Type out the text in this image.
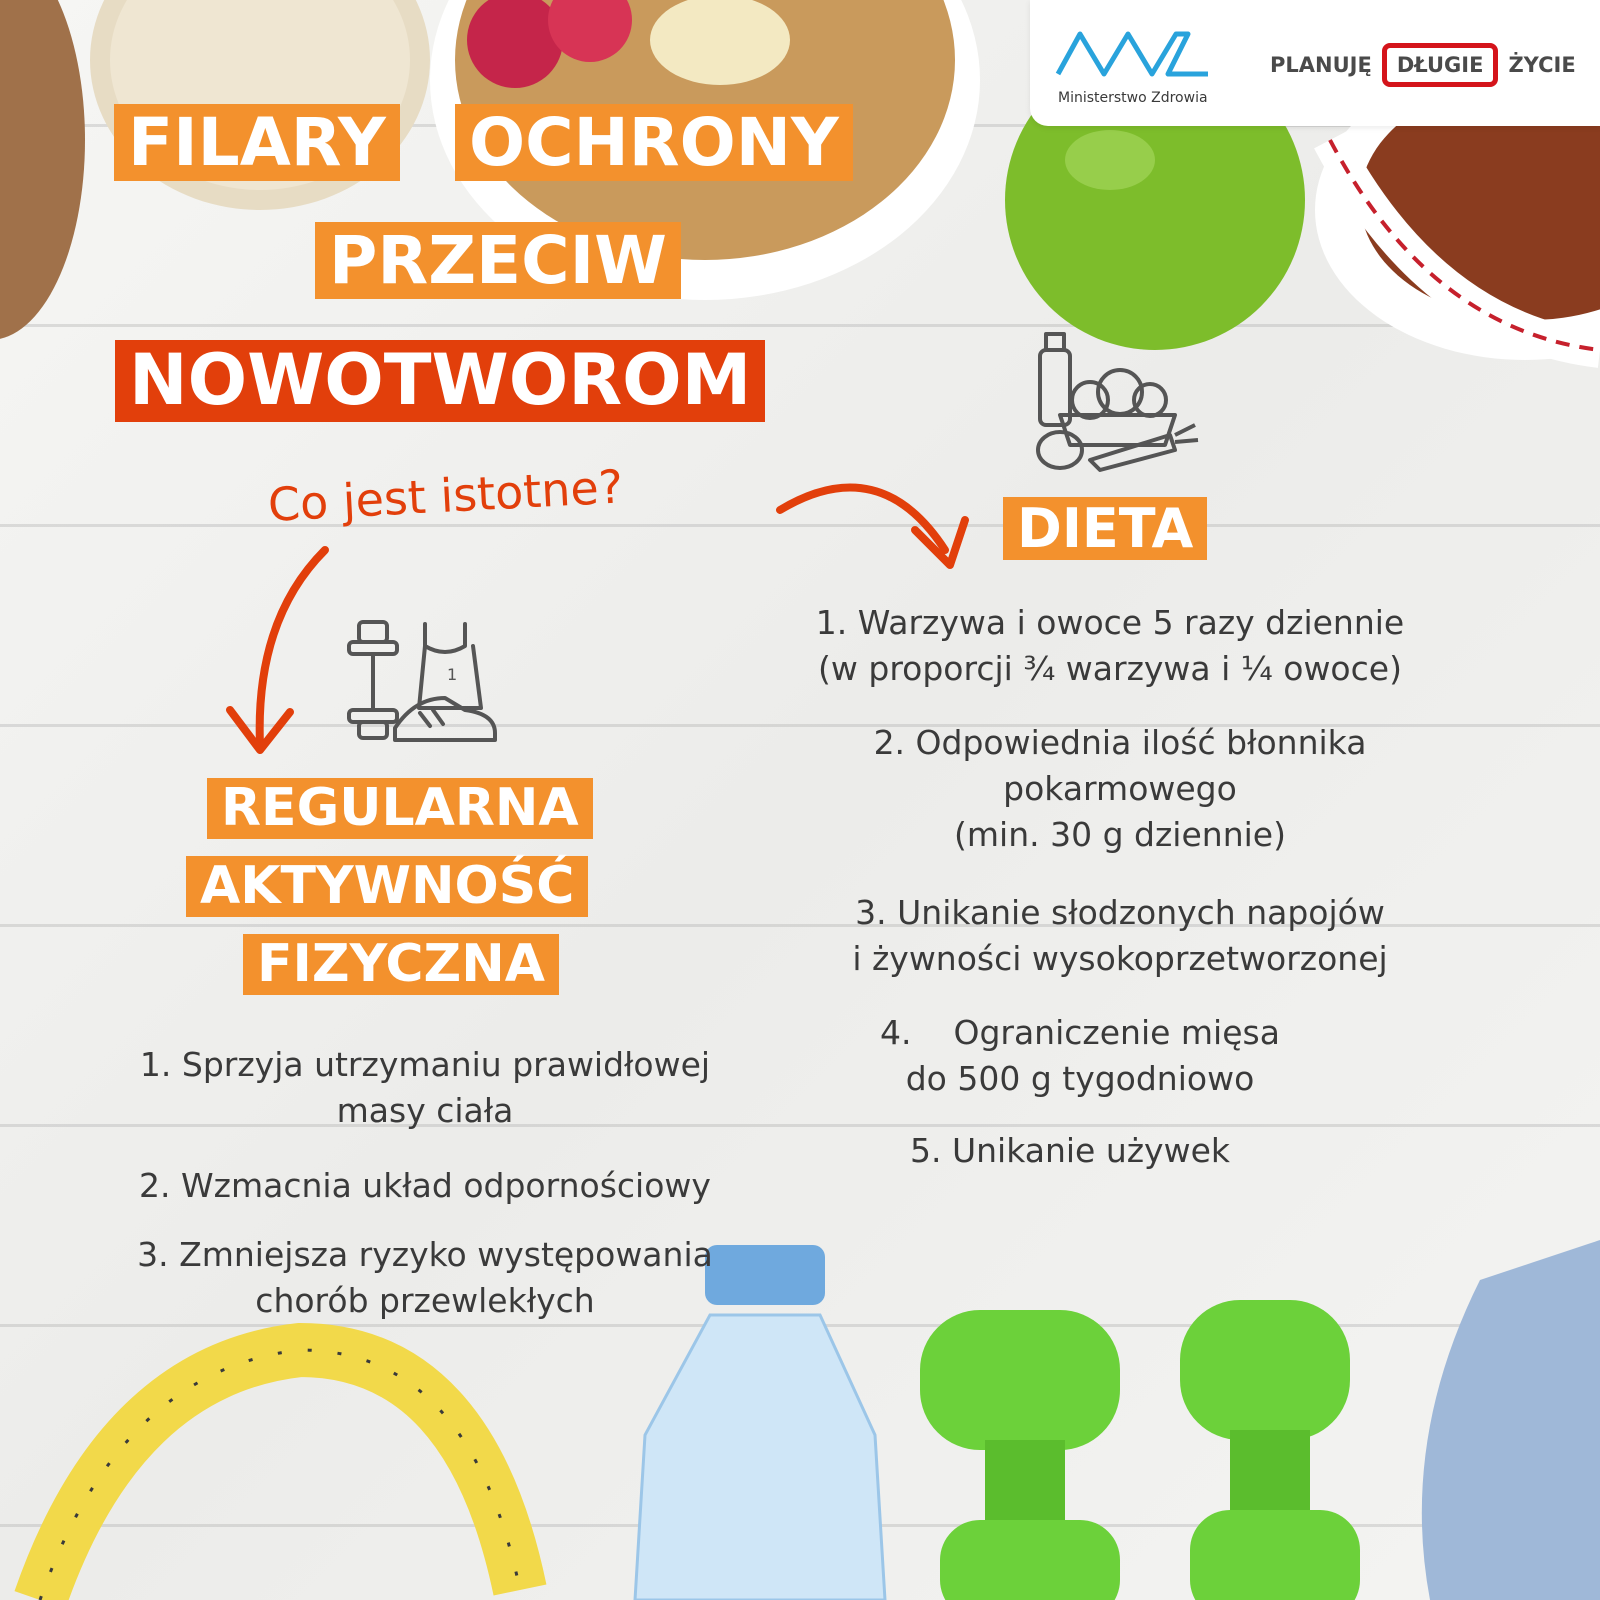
Ministerstwo Zdrowia
PLANUJĘ	DŁUGIE	ŻYCIE
FILARY OCHRONY
PRZECIW
NOWOTWOROM
Co jest istotne?	DIETA
1. Warzywa i owoce 5 razy dziennie
(w proporcji ¾ warzywa i ¼ owoce)
2. Odpowiednia ilość błonnika
pokarmowego
(min. 30 g dziennie)
3. Unikanie słodzonych napojów
i żywności wysokoprzetworzonej
4.    Ograniczenie mięsa
do 500 g tygodniowo
5. Unikanie używek
1
REGULARNA
AKTYWNOŚĆ
FIZYCZNA
1. Sprzyja utrzymaniu prawidłowej
masy ciała
2. Wzmacnia układ odpornościowy
3. Zmniejsza ryzyko występowania
chorób przewlekłych
